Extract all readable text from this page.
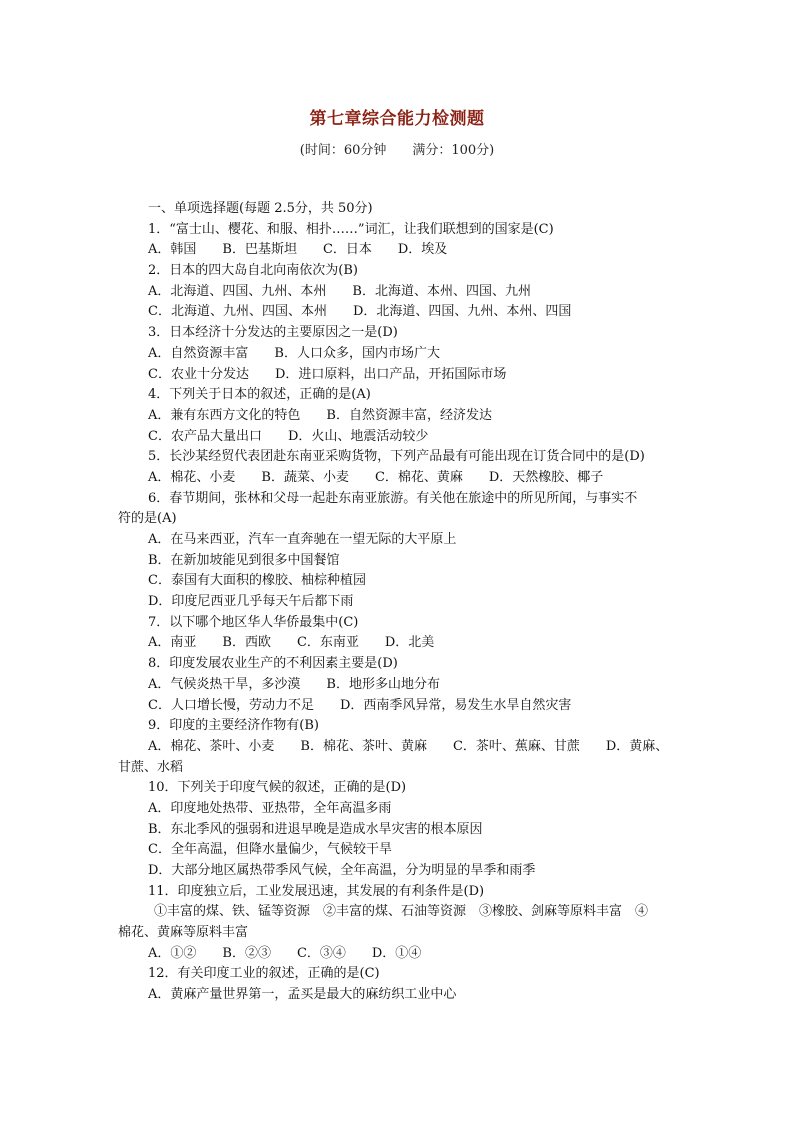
第七章综合能力检测题
(时间：60分钟　　满分：100分)
一、单项选择题(每题 2.5分，共 50分)
1．“富士山、樱花、和服、相扑……”词汇，让我们联想到的国家是(C)
A．韩国　　B．巴基斯坦　　C．日本　　D．埃及
2．日本的四大岛自北向南依次为(B)
A．北海道、四国、九州、本州　　B．北海道、本州、四国、九州
C．北海道、九州、四国、本州　　D．北海道、四国、九州、本州、四国
3．日本经济十分发达的主要原因之一是(D)
A．自然资源丰富　　B．人口众多，国内市场广大
C．农业十分发达　　D．进口原料，出口产品，开拓国际市场
4．下列关于日本的叙述，正确的是(A)
A．兼有东西方文化的特色　　B．自然资源丰富，经济发达
C．农产品大量出口　　D．火山、地震活动较少
5．长沙某经贸代表团赴东南亚采购货物，下列产品最有可能出现在订货合同中的是(D)
A．棉花、小麦　　B．蔬菜、小麦　　C．棉花、黄麻　　D．天然橡胶、椰子
6．春节期间，张林和父母一起赴东南亚旅游。有关他在旅途中的所见所闻，与事实不
符的是(A)
A．在马来西亚，汽车一直奔驰在一望无际的大平原上
B．在新加坡能见到很多中国餐馆
C．泰国有大面积的橡胶、柚棕种植园
D．印度尼西亚几乎每天午后都下雨
7．以下哪个地区华人华侨最集中(C)
A．南亚　　B．西欧　　C．东南亚　　D．北美
8．印度发展农业生产的不利因素主要是(D)
A．气候炎热干旱，多沙漠　　B．地形多山地分布
C．人口增长慢，劳动力不足　　D．西南季风异常，易发生水旱自然灾害
9．印度的主要经济作物有(B)
A．棉花、茶叶、小麦　　B．棉花、茶叶、黄麻　　C．茶叶、蕉麻、甘蔗　　D．黄麻、
甘蔗、水稻
10．下列关于印度气候的叙述，正确的是(D)
A．印度地处热带、亚热带，全年高温多雨
B．东北季风的强弱和进退早晚是造成水旱灾害的根本原因
C．全年高温，但降水量偏少，气候较干旱
D．大部分地区属热带季风气候，全年高温，分为明显的旱季和雨季
11．印度独立后，工业发展迅速，其发展的有利条件是(D)
①丰富的煤、铁、锰等资源　②丰富的煤、石油等资源　③橡胶、剑麻等原料丰富　④
棉花、黄麻等原料丰富
A．①②　　B．②③　　C．③④　　D．①④
12．有关印度工业的叙述，正确的是(C)
A．黄麻产量世界第一，孟买是最大的麻纺织工业中心
